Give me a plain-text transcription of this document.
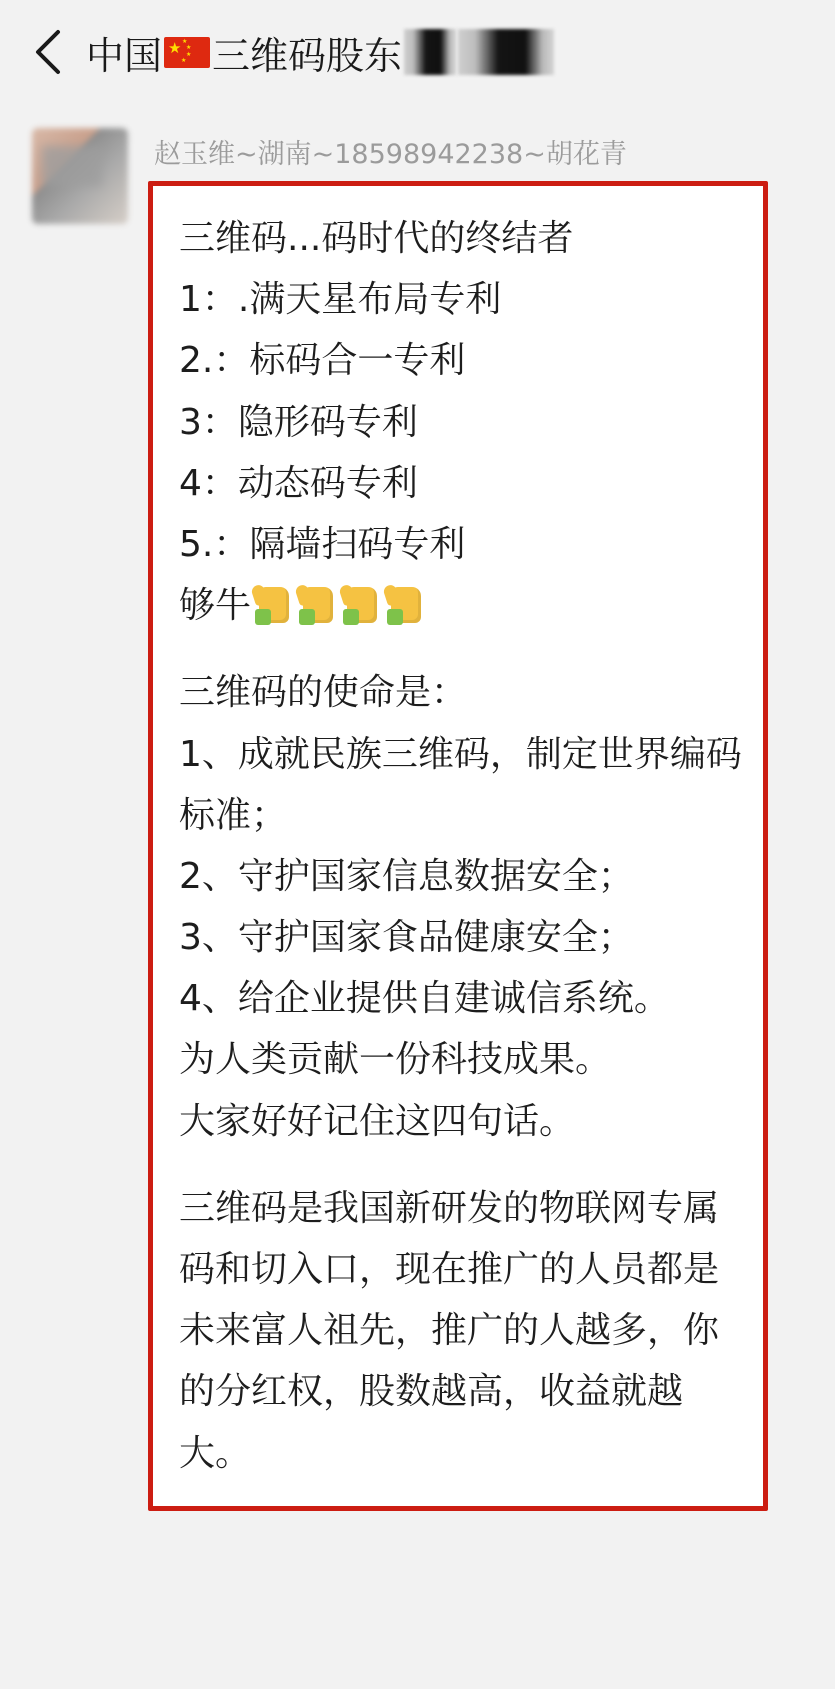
中国 ★ ★
★
★
★ 三维码股东
赵玉维~湖南~18598942238~胡花青

三维码...码时代的终结者

1：.满天星布局专利

2.：标码合一专利

3：隐形码专利

4：动态码专利

5.：隔墙扫码专利

够牛

三维码的使命是：

1、成就民族三维码，制定世界编码标准；

2、守护国家信息数据安全；

3、守护国家食品健康安全；

4、给企业提供自建诚信系统。

为人类贡献一份科技成果。

大家好好记住这四句话。

三维码是我国新研发的物联网专属码和切入口，现在推广的人员都是未来富人祖先，推广的人越多，你的分红权，股数越高，收益就越大。
